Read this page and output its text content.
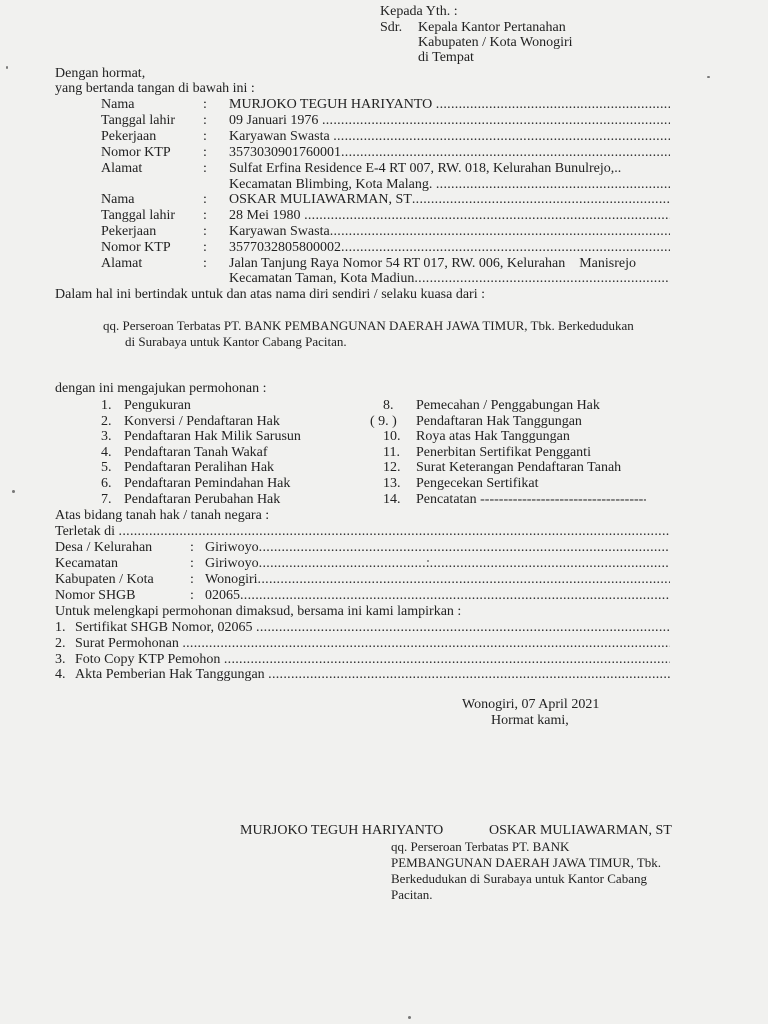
Kepada Yth. :
Sdr. Kepala Kantor Pertanahan
Kabupaten / Kota Wonogiri
di Tempat
Dengan hormat,
yang bertanda tangan di bawah ini :
Nama	: MURJOKO TEGUH HARIYANTO .....
Tanggal lahir : 09 Januari 1976 .....
Pekerjaan	: Karyawan Swasta .....
Nomor KTP : 3573030901760001 .....
Alamat	: Sulfat Erfina Residence E-4 RT 007, RW. 018, Kelurahan Bunulrejo,..
Kecamatan Blimbing, Kota Malang. .....
Nama	: OSKAR MULIAWARMAN, ST .....
Tanggal lahir : 28 Mei 1980 .....
Pekerjaan	: Karyawan Swasta .....
Nomor KTP : 3577032805800002 .....
Alamat	: Jalan Tanjung Raya Nomor 54 RT 017, RW. 006, Kelurahan    Manisrejo
Kecamatan Taman, Kota Madiun .....
Dalam hal ini bertindak untuk dan atas nama diri sendiri / selaku kuasa dari :
qq. Perseroan Terbatas PT. BANK PEMBANGUNAN DAERAH JAWA TIMUR, Tbk. Berkedudukan
di Surabaya untuk Kantor Cabang Pacitan.
dengan ini mengajukan permohonan :
1. Pengukuran
2. Konversi / Pendaftaran Hak
3. Pendaftaran Hak Milik Sarusun
4. Pendaftaran Tanah Wakaf
5. Pendaftaran Peralihan Hak
6. Pendaftaran Pemindahan Hak
7. Pendaftaran Perubahan Hak
8. Pemecahan / Penggabungan Hak
( 9. ) Pendaftaran Hak Tanggungan
10. Roya atas Hak Tanggungan
11. Penerbitan Sertifikat Pengganti
12. Surat Keterangan Pendaftaran Tanah
13. Pengecekan Sertifikat
14. Pencatatan -----
Atas bidang tanah hak / tanah negara :
Terletak di .....
Desa / Kelurahan	: Giriwoyo .....
Kecamatan	: Giriwoyo .....
Kabupaten / Kota	: Wonogiri .....
Nomor SHGB	: 02065 .....
Untuk melengkapi permohonan dimaksud, bersama ini kami lampirkan :
1. Sertifikat SHGB Nomor, 02065 .....
2. Surat Permohonan .....
3. Foto Copy KTP Pemohon .....
4. Akta Pemberian Hak Tanggungan .....
Wonogiri, 07 April 2021
Hormat kami,
MURJOKO TEGUH HARIYANTO	OSKAR MULIAWARMAN, ST
qq. Perseroan Terbatas PT. BANK
PEMBANGUNAN DAERAH JAWA TIMUR, Tbk.
Berkedudukan di Surabaya untuk Kantor Cabang
Pacitan.
